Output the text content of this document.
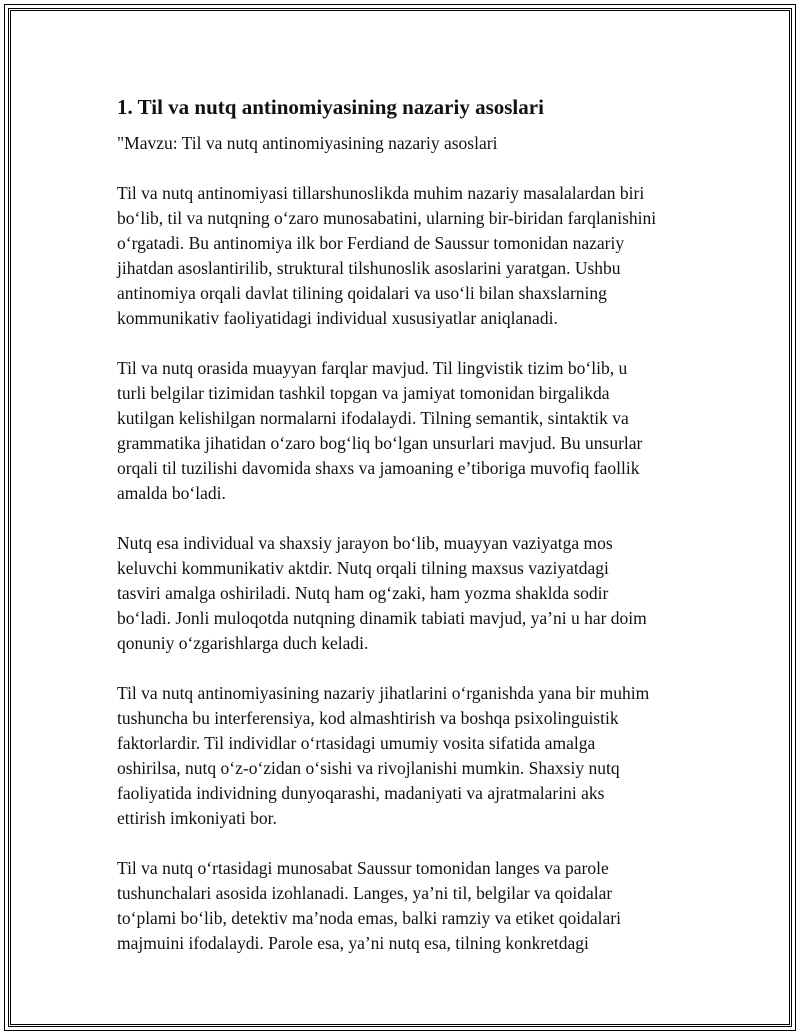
1. Til va nutq antinomiyasining nazariy asoslari

"Mavzu: Til va nutq antinomiyasining nazariy asoslari

Til va nutq antinomiyasi tillarshunoslikda muhim nazariy masalalardan biri
boʻlib, til va nutqning oʻzaro munosabatini, ularning bir-biridan farqlanishini
oʻrgatadi. Bu antinomiya ilk bor Ferdiand de Saussur tomonidan nazariy
jihatdan asoslantirilib, struktural tilshunoslik asoslarini yaratgan. Ushbu
antinomiya orqali davlat tilining qoidalari va usoʻli bilan shaxslarning
kommunikativ faoliyatidagi individual xususiyatlar aniqlanadi.

Til va nutq orasida muayyan farqlar mavjud. Til lingvistik tizim boʻlib, u
turli belgilar tizimidan tashkil topgan va jamiyat tomonidan birgalikda
kutilgan kelishilgan normalarni ifodalaydi. Tilning semantik, sintaktik va
grammatika jihatidan oʻzaro bogʻliq boʻlgan unsurlari mavjud. Bu unsurlar
orqali til tuzilishi davomida shaxs va jamoaning eʼtiboriga muvofiq faollik
amalda boʻladi.

Nutq esa individual va shaxsiy jarayon boʻlib, muayyan vaziyatga mos
keluvchi kommunikativ aktdir. Nutq orqali tilning maxsus vaziyatdagi
tasviri amalga oshiriladi. Nutq ham ogʻzaki, ham yozma shaklda sodir
boʻladi. Jonli muloqotda nutqning dinamik tabiati mavjud, yaʼni u har doim
qonuniy oʻzgarishlarga duch keladi.

Til va nutq antinomiyasining nazariy jihatlarini oʻrganishda yana bir muhim
tushuncha bu interferensiya, kod almashtirish va boshqa psixolinguistik
faktorlardir. Til individlar oʻrtasidagi umumiy vosita sifatida amalga
oshirilsa, nutq oʻz-oʻzidan oʻsishi va rivojlanishi mumkin. Shaxsiy nutq
faoliyatida individning dunyoqarashi, madaniyati va ajratmalarini aks
ettirish imkoniyati bor.

Til va nutq oʻrtasidagi munosabat Saussur tomonidan langes va parole
tushunchalari asosida izohlanadi. Langes, yaʼni til, belgilar va qoidalar
toʻplami boʻlib, detektiv maʼnoda emas, balki ramziy va etiket qoidalari
majmuini ifodalaydi. Parole esa, yaʼni nutq esa, tilning konkretdagi
